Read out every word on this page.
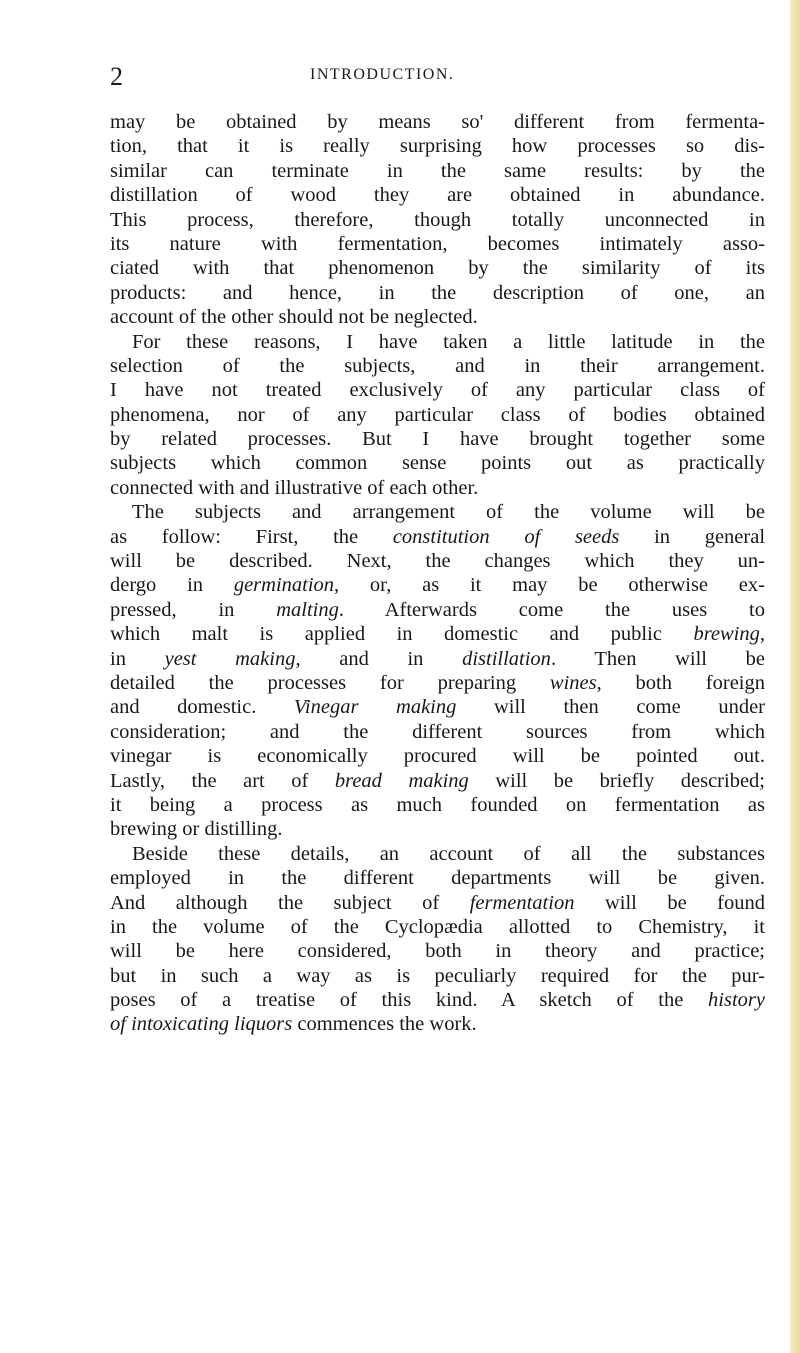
2	INTRODUCTION.
may be obtained by means so' different from fermenta-
tion, that it is really surprising how processes so dis-
similar can terminate in the same results: by the
distillation of wood they are obtained in abundance.
This process, therefore, though totally unconnected in
its nature with fermentation, becomes intimately asso-
ciated with that phenomenon by the similarity of its
products: and hence, in the description of one, an
account of the other should not be neglected.
For these reasons, I have taken a little latitude in the
selection of the subjects, and in their arrangement.
I have not treated exclusively of any particular class of
phenomena, nor of any particular class of bodies obtained
by related processes. But I have brought together some
subjects which common sense points out as practically
connected with and illustrative of each other.
The subjects and arrangement of the volume will be
as follow: First, the constitution of seeds in general
will be described. Next, the changes which they un-
dergo in germination, or, as it may be otherwise ex-
pressed, in malting. Afterwards come the uses to
which malt is applied in domestic and public brewing,
in yest making, and in distillation. Then will be
detailed the processes for preparing wines, both foreign
and domestic. Vinegar making will then come under
consideration; and the different sources from which
vinegar is economically procured will be pointed out.
Lastly, the art of bread making will be briefly described;
it being a process as much founded on fermentation as
brewing or distilling.
Beside these details, an account of all the substances
employed in the different departments will be given.
And although the subject of fermentation will be found
in the volume of the Cyclopædia allotted to Chemistry, it
will be here considered, both in theory and practice;
but in such a way as is peculiarly required for the pur-
poses of a treatise of this kind. A sketch of the history
of intoxicating liquors commences the work.
